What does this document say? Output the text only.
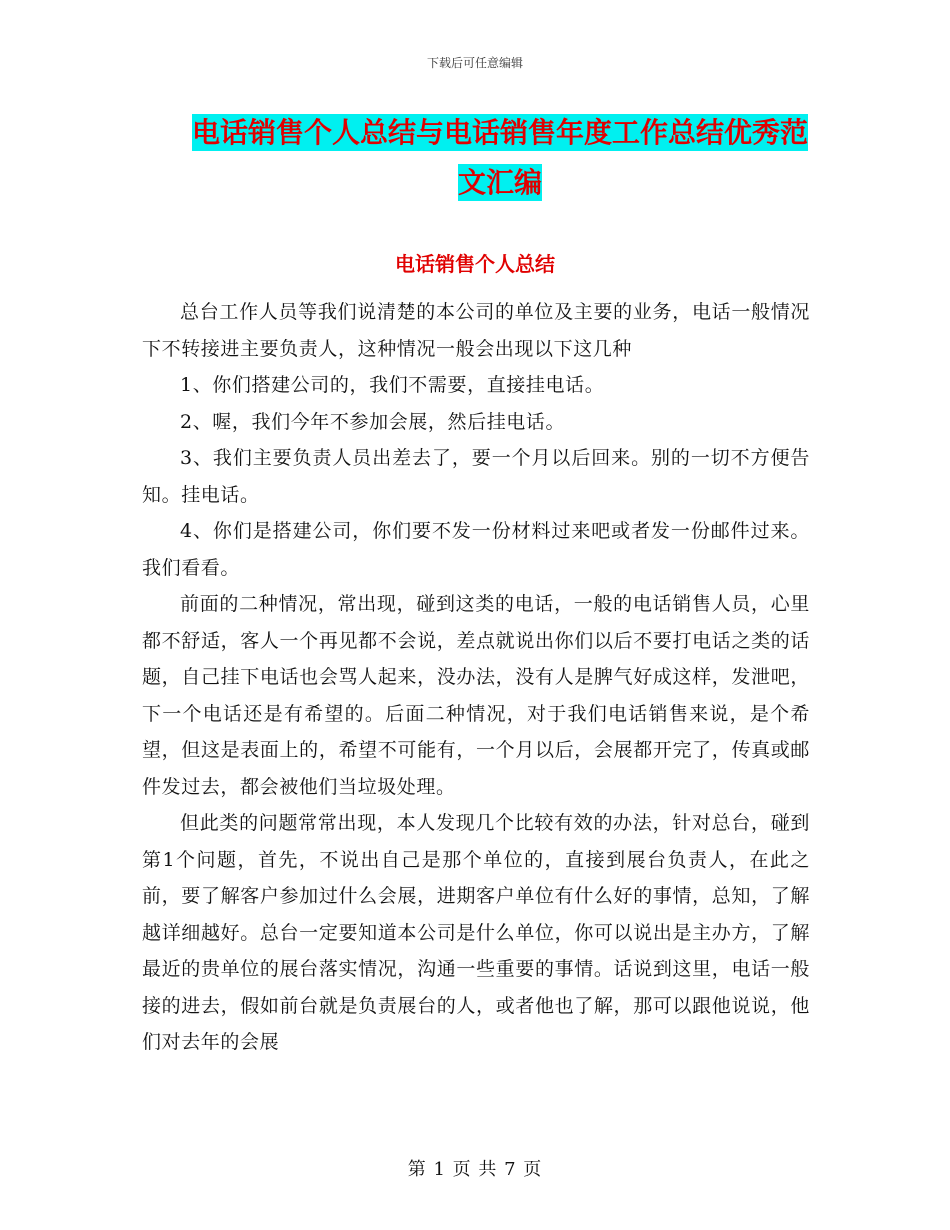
下载后可任意编辑
电话销售个人总结与电话销售年度工作总结优秀范文汇编
电话销售个人总结

总台工作人员等我们说清楚的本公司的单位及主要的业务，电话一般情况下不转接进主要负责人，这种情况一般会出现以下这几种

1、你们搭建公司的，我们不需要，直接挂电话。

2、喔，我们今年不参加会展，然后挂电话。

3、我们主要负责人员出差去了，要一个月以后回来。别的一切不方便告知。挂电话。

4、你们是搭建公司，你们要不发一份材料过来吧或者发一份邮件过来。我们看看。

前面的二种情况，常出现，碰到这类的电话，一般的电话销售人员，心里都不舒适，客人一个再见都不会说，差点就说出你们以后不要打电话之类的话题，自己挂下电话也会骂人起来，没办法，没有人是脾气好成这样，发泄吧，下一个电话还是有希望的。后面二种情况，对于我们电话销售来说，是个希望，但这是表面上的，希望不可能有，一个月以后，会展都开完了，传真或邮件发过去，都会被他们当垃圾处理。

但此类的问题常常出现，本人发现几个比较有效的办法，针对总台，碰到第1个问题，首先，不说出自己是那个单位的，直接到展台负责人，在此之前，要了解客户参加过什么会展，进期客户单位有什么好的事情，总知，了解越详细越好。总台一定要知道本公司是什么单位，你可以说出是主办方，了解最近的贵单位的展台落实情况，沟通一些重要的事情。话说到这里，电话一般接的进去，假如前台就是负责展台的人，或者他也了解，那可以跟他说说，他们对去年的会展

第 1 页 共 7 页
